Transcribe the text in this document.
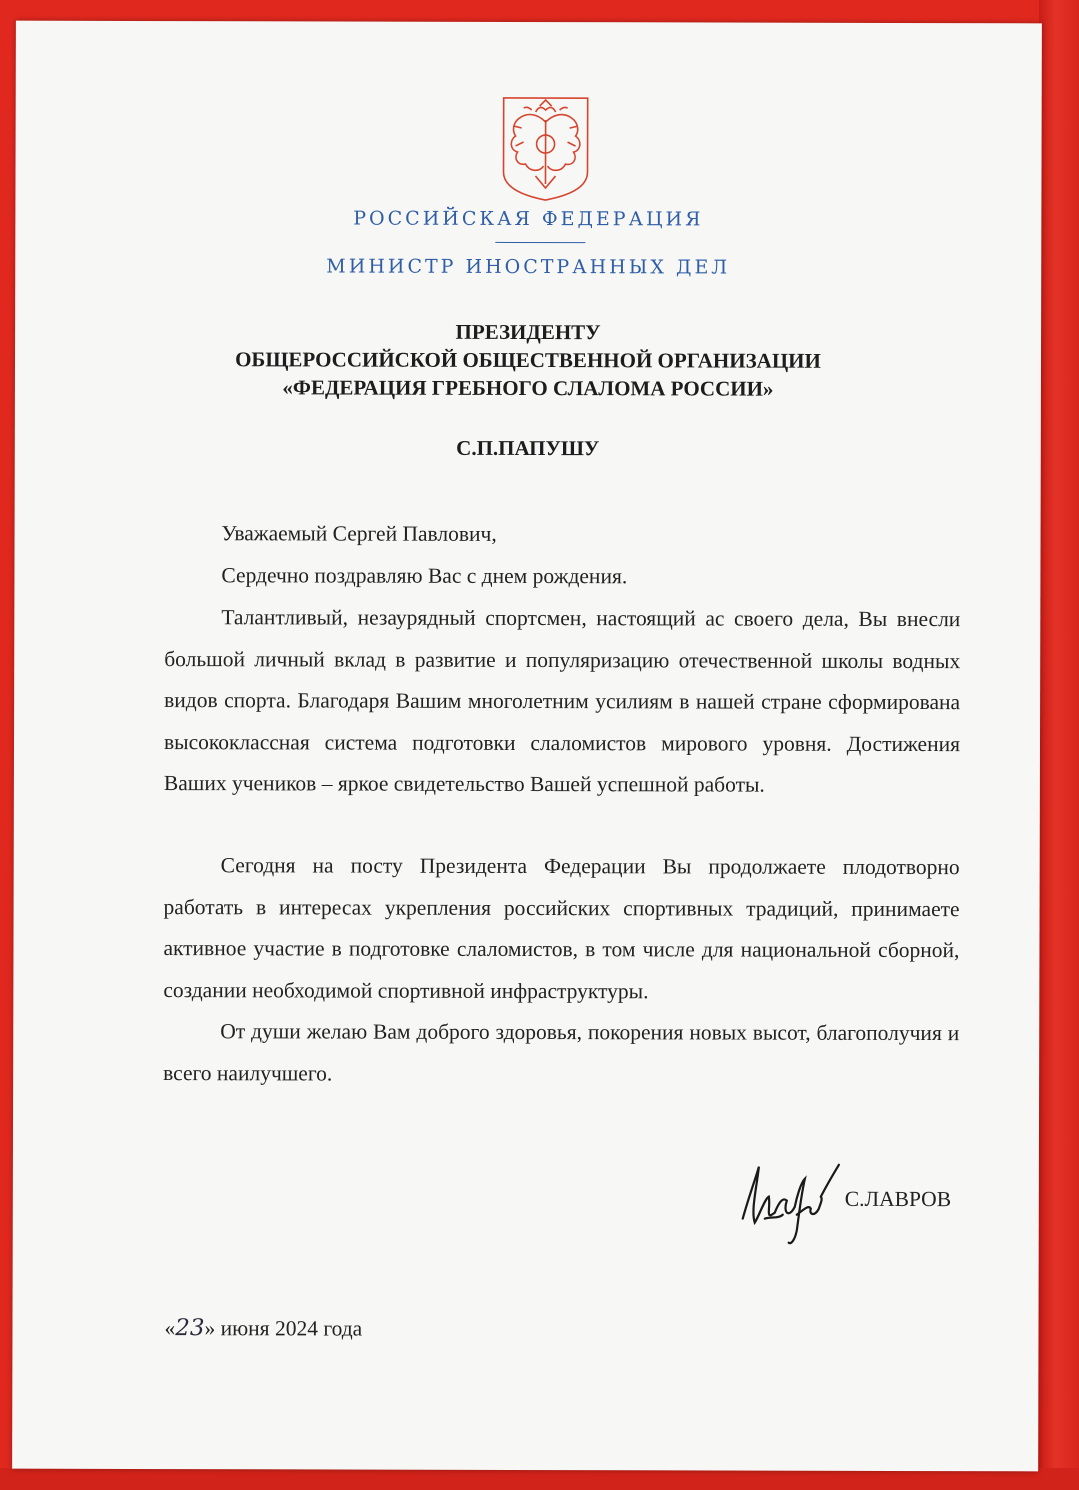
РОССИЙСКАЯ ФЕДЕРАЦИЯ
МИНИСТР ИНОСТРАННЫХ ДЕЛ
ПРЕЗИДЕНТУ
ОБЩЕРОССИЙСКОЙ ОБЩЕСТВЕННОЙ ОРГАНИЗАЦИИ
«ФЕДЕРАЦИЯ ГРЕБНОГО СЛАЛОМА РОССИИ»
С.П.ПАПУШУ

Уважаемый Сергей Павлович,

Сердечно поздравляю Вас с днем рождения.

Талантливый, незаурядный спортсмен, настоящий ас своего дела, Вы внесли большой личный вклад в развитие и популяризацию отечественной школы водных видов спорта. Благодаря Вашим многолетним усилиям в нашей стране сформирована высококлассная система подготовки слаломистов мирового уровня. Достижения Ваших учеников – яркое свидетельство Вашей успешной работы.

Сегодня на посту Президента Федерации Вы продолжаете плодотворно работать в интересах укрепления российских спортивных традиций, принимаете активное участие в подготовке слаломистов, в том числе для национальной сборной, создании необходимой спортивной инфраструктуры.

От души желаю Вам доброго здоровья, покорения новых высот, благополучия и всего наилучшего.

С.ЛАВРОВ
«23» июня 2024 года
